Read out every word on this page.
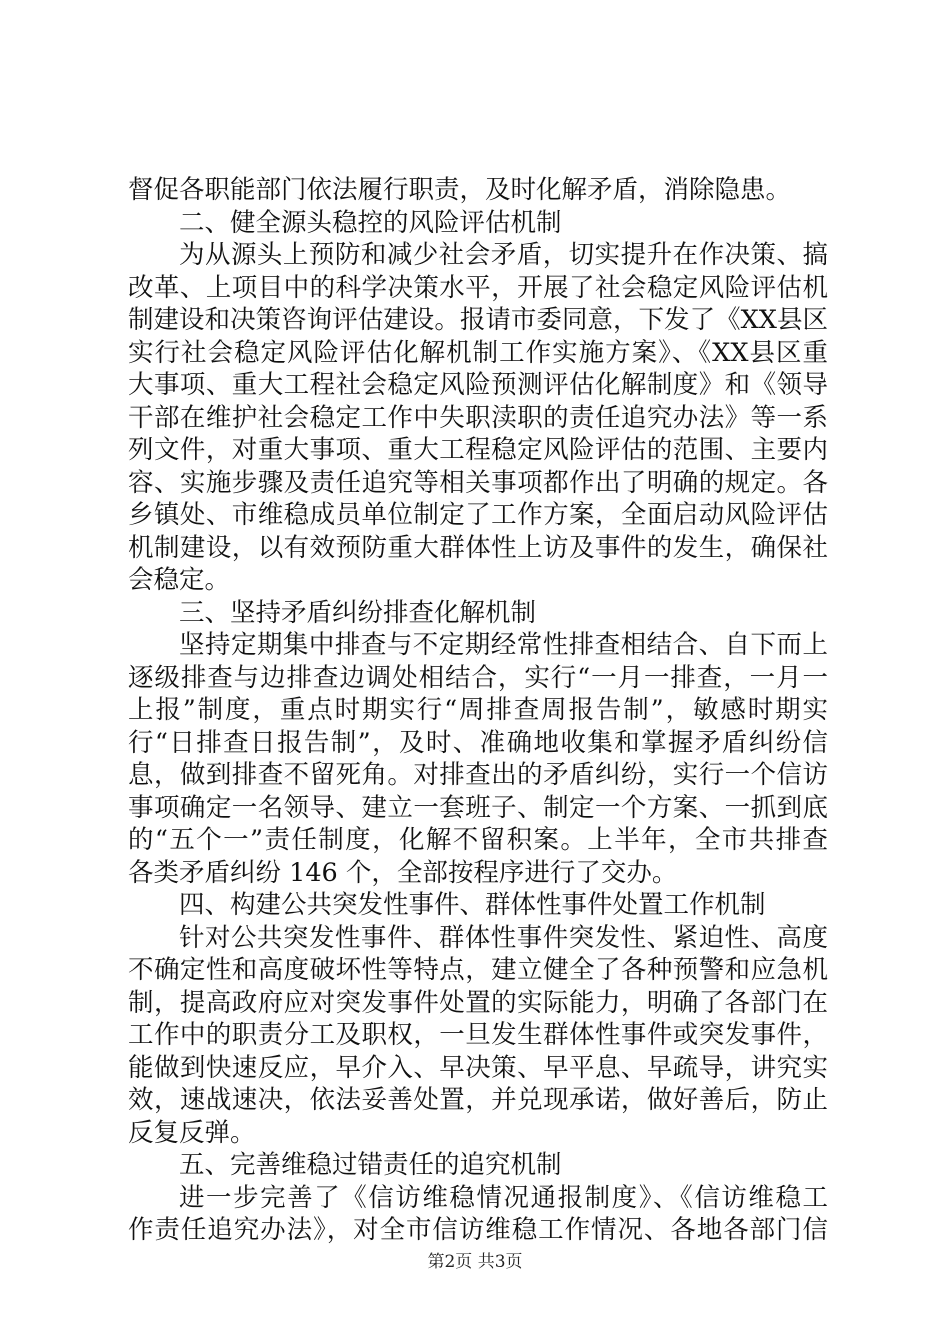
督促各职能部门依法履行职责，及时化解矛盾，消除隐患。
二、健全源头稳控的风险评估机制
为从源头上预防和减少社会矛盾，切实提升在作决策、搞
改革、上项目中的科学决策水平，开展了社会稳定风险评估机
制建设和决策咨询评估建设。报请市委同意，下发了《XX县区
实行社会稳定风险评估化解机制工作实施方案》、《XX县区重
大事项、重大工程社会稳定风险预测评估化解制度》和《领导
干部在维护社会稳定工作中失职渎职的责任追究办法》等一系
列文件，对重大事项、重大工程稳定风险评估的范围、主要内
容、实施步骤及责任追究等相关事项都作出了明确的规定。各
乡镇处、市维稳成员单位制定了工作方案，全面启动风险评估
机制建设，以有效预防重大群体性上访及事件的发生，确保社
会稳定。
三、坚持矛盾纠纷排查化解机制
坚持定期集中排查与不定期经常性排查相结合、自下而上
逐级排查与边排查边调处相结合，实行“一月一排查，一月一
上报”制度，重点时期实行“周排查周报告制”，敏感时期实
行“日排查日报告制”，及时、准确地收集和掌握矛盾纠纷信
息，做到排查不留死角。对排查出的矛盾纠纷，实行一个信访
事项确定一名领导、建立一套班子、制定一个方案、一抓到底
的“五个一”责任制度，化解不留积案。上半年，全市共排查
各类矛盾纠纷 146 个，全部按程序进行了交办。
四、构建公共突发性事件、群体性事件处置工作机制
针对公共突发性事件、群体性事件突发性、紧迫性、高度
不确定性和高度破坏性等特点，建立健全了各种预警和应急机
制，提高政府应对突发事件处置的实际能力，明确了各部门在
工作中的职责分工及职权，一旦发生群体性事件或突发事件，
能做到快速反应，早介入、早决策、早平息、早疏导，讲究实
效，速战速决，依法妥善处置，并兑现承诺，做好善后，防止
反复反弹。
五、完善维稳过错责任的追究机制
进一步完善了《信访维稳情况通报制度》、《信访维稳工
作责任追究办法》，对全市信访维稳工作情况、各地各部门信
第2页 共3页
